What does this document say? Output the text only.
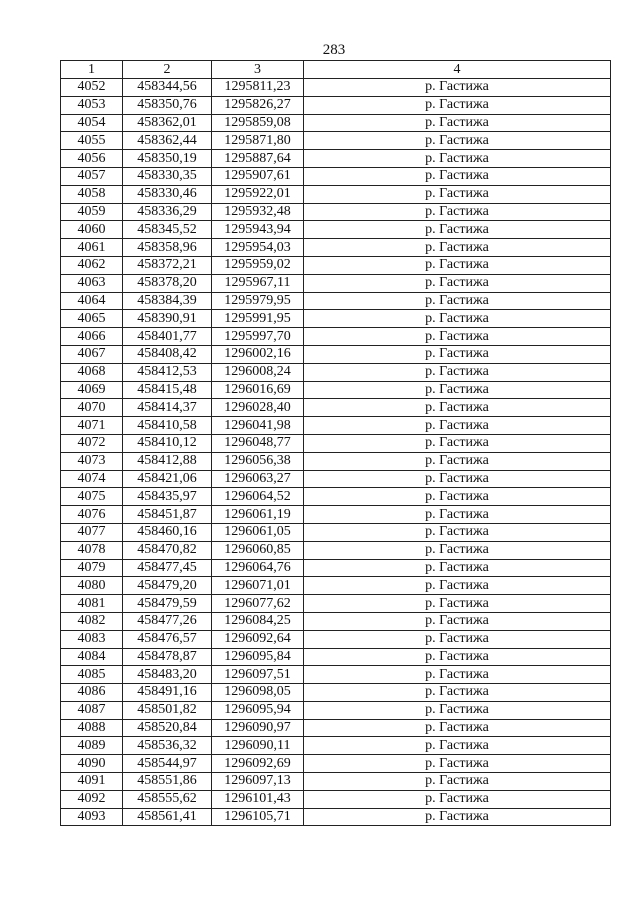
283
1	2	3	4
4052	458344,56	1295811,23	р. Гастижа
4053	458350,76	1295826,27	р. Гастижа
4054	458362,01	1295859,08	р. Гастижа
4055	458362,44	1295871,80	р. Гастижа
4056	458350,19	1295887,64	р. Гастижа
4057	458330,35	1295907,61	р. Гастижа
4058	458330,46	1295922,01	р. Гастижа
4059	458336,29	1295932,48	р. Гастижа
4060	458345,52	1295943,94	р. Гастижа
4061	458358,96	1295954,03	р. Гастижа
4062	458372,21	1295959,02	р. Гастижа
4063	458378,20	1295967,11	р. Гастижа
4064	458384,39	1295979,95	р. Гастижа
4065	458390,91	1295991,95	р. Гастижа
4066	458401,77	1295997,70	р. Гастижа
4067	458408,42	1296002,16	р. Гастижа
4068	458412,53	1296008,24	р. Гастижа
4069	458415,48	1296016,69	р. Гастижа
4070	458414,37	1296028,40	р. Гастижа
4071	458410,58	1296041,98	р. Гастижа
4072	458410,12	1296048,77	р. Гастижа
4073	458412,88	1296056,38	р. Гастижа
4074	458421,06	1296063,27	р. Гастижа
4075	458435,97	1296064,52	р. Гастижа
4076	458451,87	1296061,19	р. Гастижа
4077	458460,16	1296061,05	р. Гастижа
4078	458470,82	1296060,85	р. Гастижа
4079	458477,45	1296064,76	р. Гастижа
4080	458479,20	1296071,01	р. Гастижа
4081	458479,59	1296077,62	р. Гастижа
4082	458477,26	1296084,25	р. Гастижа
4083	458476,57	1296092,64	р. Гастижа
4084	458478,87	1296095,84	р. Гастижа
4085	458483,20	1296097,51	р. Гастижа
4086	458491,16	1296098,05	р. Гастижа
4087	458501,82	1296095,94	р. Гастижа
4088	458520,84	1296090,97	р. Гастижа
4089	458536,32	1296090,11	р. Гастижа
4090	458544,97	1296092,69	р. Гастижа
4091	458551,86	1296097,13	р. Гастижа
4092	458555,62	1296101,43	р. Гастижа
4093	458561,41	1296105,71	р. Гастижа
